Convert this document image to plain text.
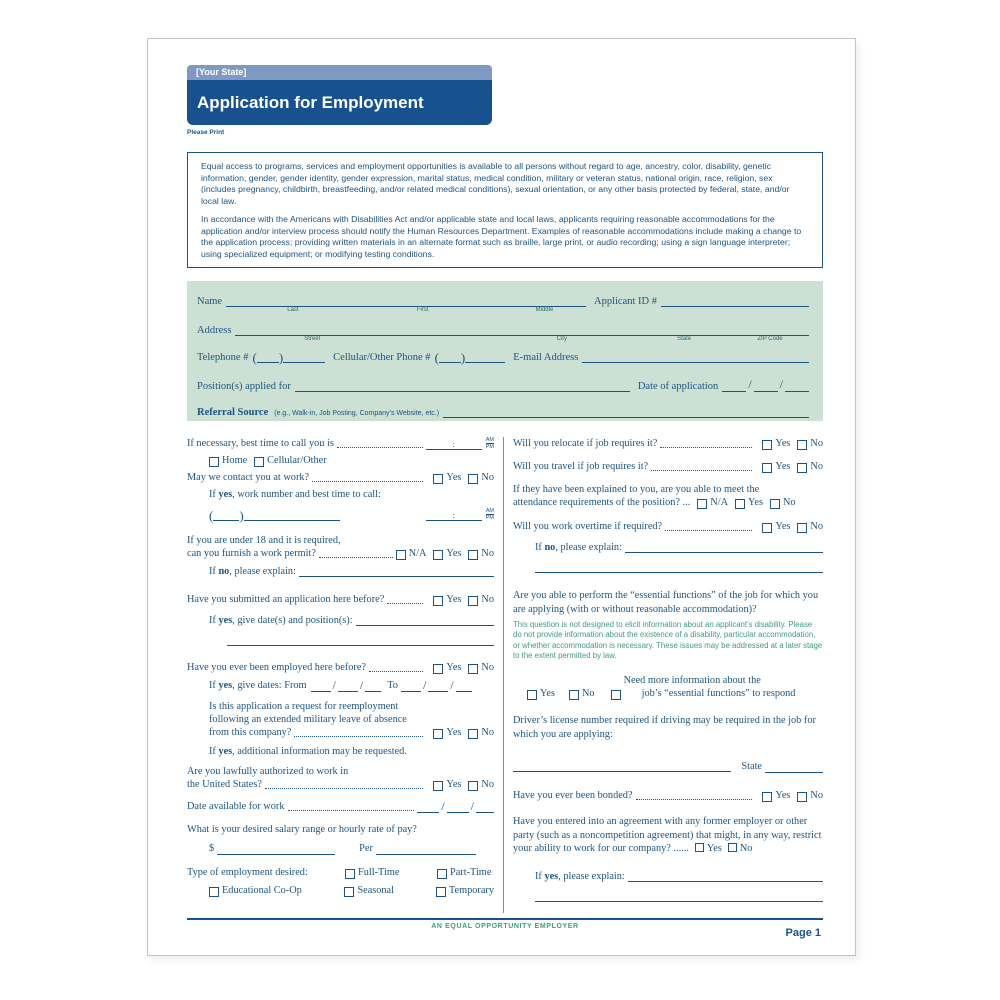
[Your State]
Application for Employment
Please Print

Equal access to programs, services and employment opportunities is available to all persons without regard to age, ancestry, color, disability, genetic information, gender, gender identity, gender expression, marital status, medical condition, military or veteran status, national origin, race, religion, sex (includes pregnancy, childbirth, breastfeeding, and/or related medical conditions), sexual orientation, or any other basis protected by federal, state, and/or local law.

In accordance with the Americans with Disabilities Act and/or applicable state and local laws, applicants requiring reasonable accommodations for the application and/or interview process should notify the Human Resources Department. Examples of reasonable accommodations include making a change to the application process; providing written materials in an alternate format such as braille, large print, or audio recording; using a sign language interpreter; using specialized equipment; or modifying testing conditions.

Name
Last	First	Middle
Applicant ID #
Address
Street	City	State	ZIP Code
Telephone # ( )	Cellular/Other Phone # ( )	E-mail Address
Position(s) applied for	Date of application	/ /
Referral Source (e.g., Walk-in, Job Posting, Company’s Website, etc.)
If necessary, best time to call you is	:	AM
PM
Home Cellular/Other
May we contact you at work?	Yes No
If yes, work number and best time to call:
( )	:	AM
PM
If you are under 18 and it is required,
can you furnish a work permit?	N/A Yes No
If no, please explain:
Have you submitted an application here before?	Yes No
If yes, give date(s) and position(s):
Have you ever been employed here before?	Yes No
If yes, give dates: From / / To / /
Is this application a request for reemployment
following an extended military leave of absence
from this company?	Yes No
If yes, additional information may be requested.
Are you lawfully authorized to work in
the United States?	Yes No
Date available for work	/ /
What is your desired salary range or hourly rate of pay?
$	Per
Type of employment desired:	Full-Time	Part-Time
Educational Co-Op	Seasonal	Temporary
Will you relocate if job requires it?	Yes No
Will you travel if job requires it?	Yes No
If they have been explained to you, are you able to meet the
attendance requirements of the position? ... N/A Yes No
Will you work overtime if required?	Yes No
If no, please explain:
Are you able to perform the “essential functions” of the job for which you are applying (with or without reasonable accommodation)?
This question is not designed to elicit information about an applicant’s disability. Please do not provide information about the existence of a disability, particular accommodation, or whether accommodation is necessary. These issues may be addressed at a later stage to the extent permitted by law.
Yes	No
Need more information about the
job’s “essential functions” to respond
Driver’s license number required if driving may be required in the job for which you are applying:
State
Have you ever been bonded?	Yes No
Have you entered into an agreement with any former employer or other party (such as a noncompetition agreement) that might, in any way, restrict your ability to work for our company? ...... Yes No
If yes, please explain:
AN EQUAL OPPORTUNITY EMPLOYER
Page 1
